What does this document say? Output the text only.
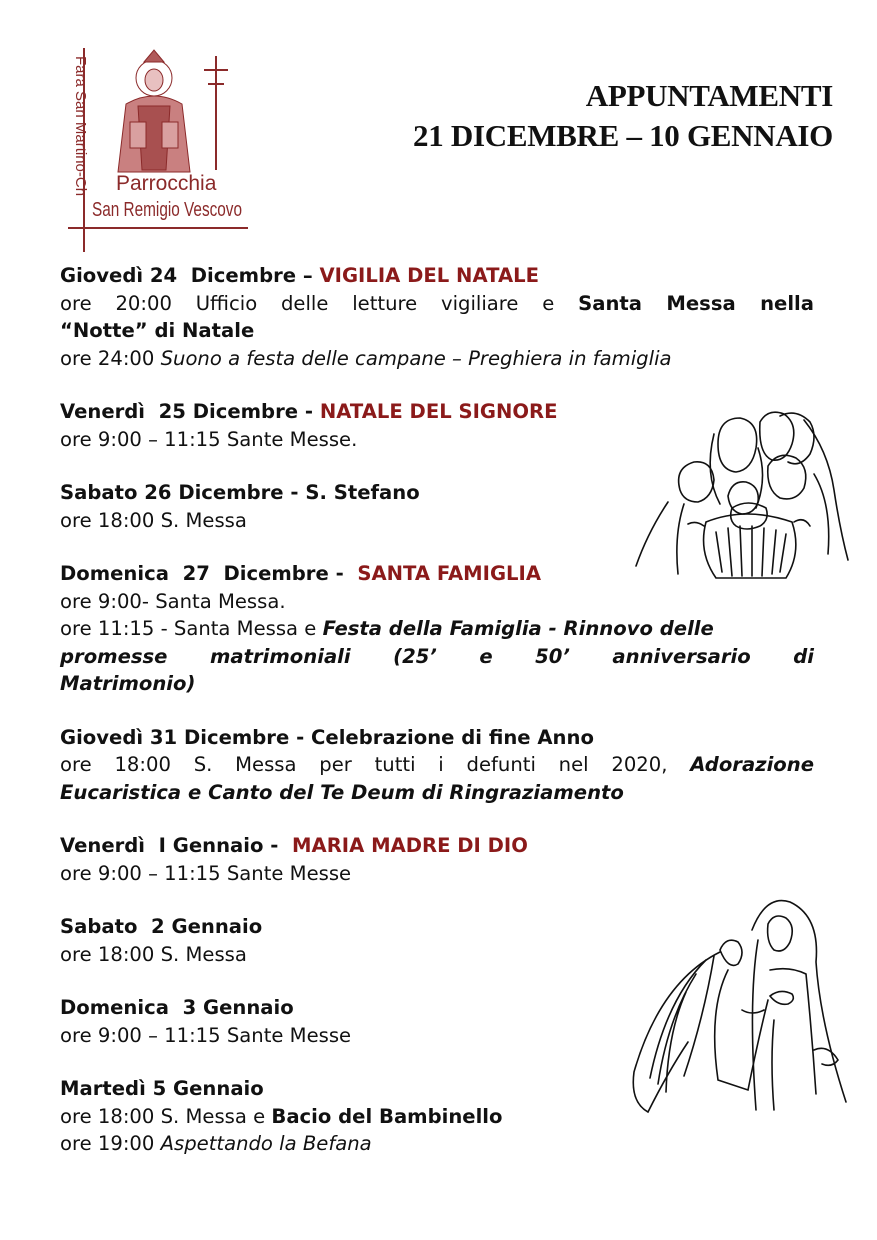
Fara San Martino-Ch Parrocchia
San Remigio Vescovo
APPUNTAMENTI
21 DICEMBRE – 10 GENNAIO
Giovedì 24  Dicembre – VIGILIA DEL NATALE
ore 20:00 Ufficio delle letture vigiliare e Santa Messa nella
“Notte” di Natale
ore 24:00 Suono a festa delle campane – Preghiera in famiglia
Venerdì  25 Dicembre - NATALE DEL SIGNORE
ore 9:00 – 11:15 Sante Messe.
Sabato 26 Dicembre - S. Stefano
ore 18:00 S. Messa
Domenica  27  Dicembre -  SANTA FAMIGLIA
ore 9:00- Santa Messa.
ore 11:15 - Santa Messa e Festa della Famiglia - Rinnovo delle
promesse matrimoniali (25’ e 50’ anniversario di
Matrimonio)
Giovedì 31 Dicembre - Celebrazione di fine Anno
ore 18:00 S. Messa per tutti i defunti nel 2020, Adorazione
Eucaristica e Canto del Te Deum di Ringraziamento
Venerdì  I Gennaio -  MARIA MADRE DI DIO
ore 9:00 – 11:15 Sante Messe
Sabato  2 Gennaio
ore 18:00 S. Messa
Domenica  3 Gennaio
ore 9:00 – 11:15 Sante Messe
Martedì 5 Gennaio
ore 18:00 S. Messa e Bacio del Bambinello
ore 19:00 Aspettando la Befana
